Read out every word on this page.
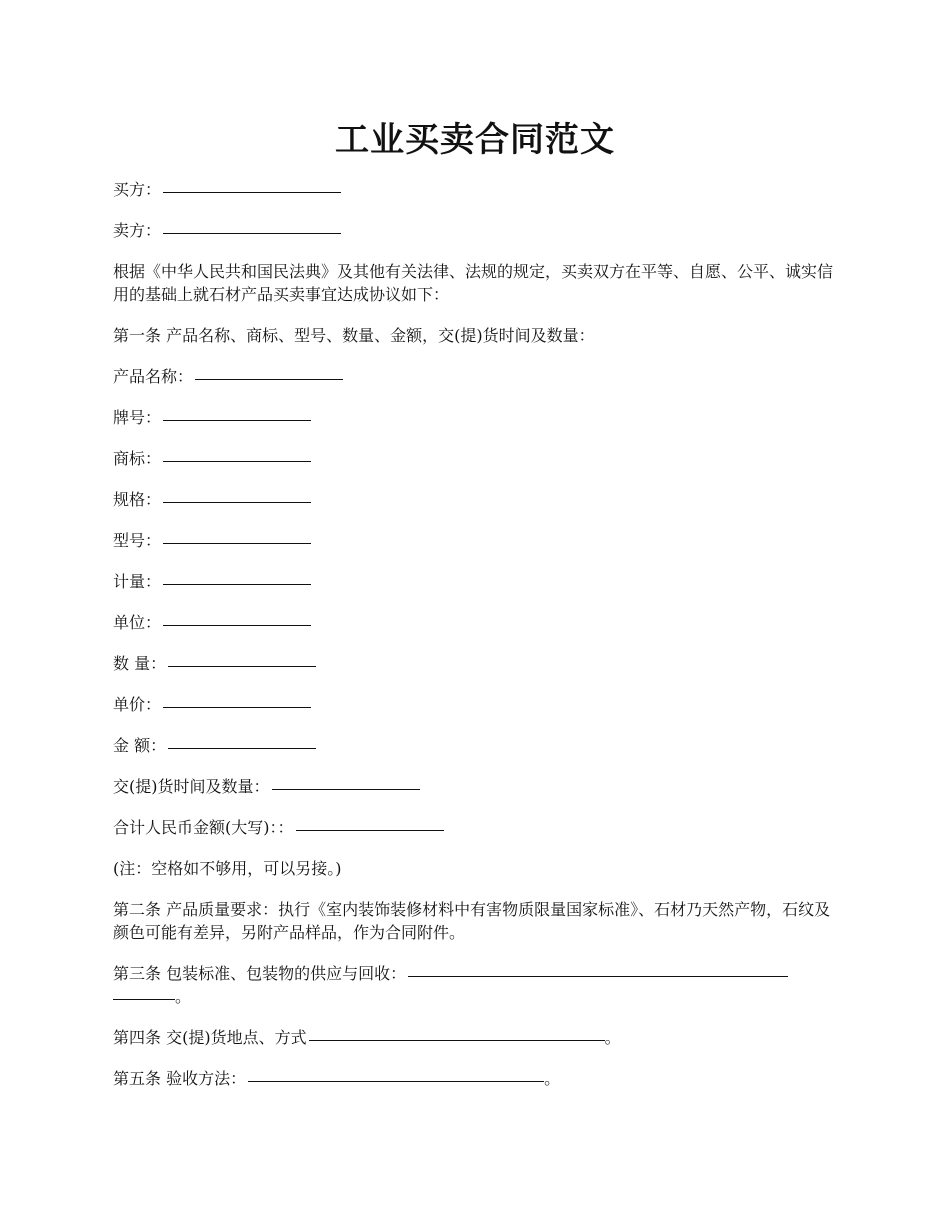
工业买卖合同范文

买方：

卖方：

根据《中华人民共和国民法典》及其他有关法律、法规的规定，买卖双方在平等、自愿、公平、诚实信用的基础上就石材产品买卖事宜达成协议如下：

第一条 产品名称、商标、型号、数量、金额，交(提)货时间及数量：

产品名称：

牌号：

商标：

规格：

型号：

计量：

单位：

数 量：

单价：

金 额：

交(提)货时间及数量：

合计人民币金额(大写)：：

(注：空格如不够用，可以另接。)

第二条 产品质量要求：执行《室内装饰装修材料中有害物质限量国家标准》、石材乃天然产物，石纹及颜色可能有差异，另附产品样品，作为合同附件。

第三条 包装标准、包装物的供应与回收：
。

第四条 交(提)货地点、方式	。

第五条 验收方法：	。
